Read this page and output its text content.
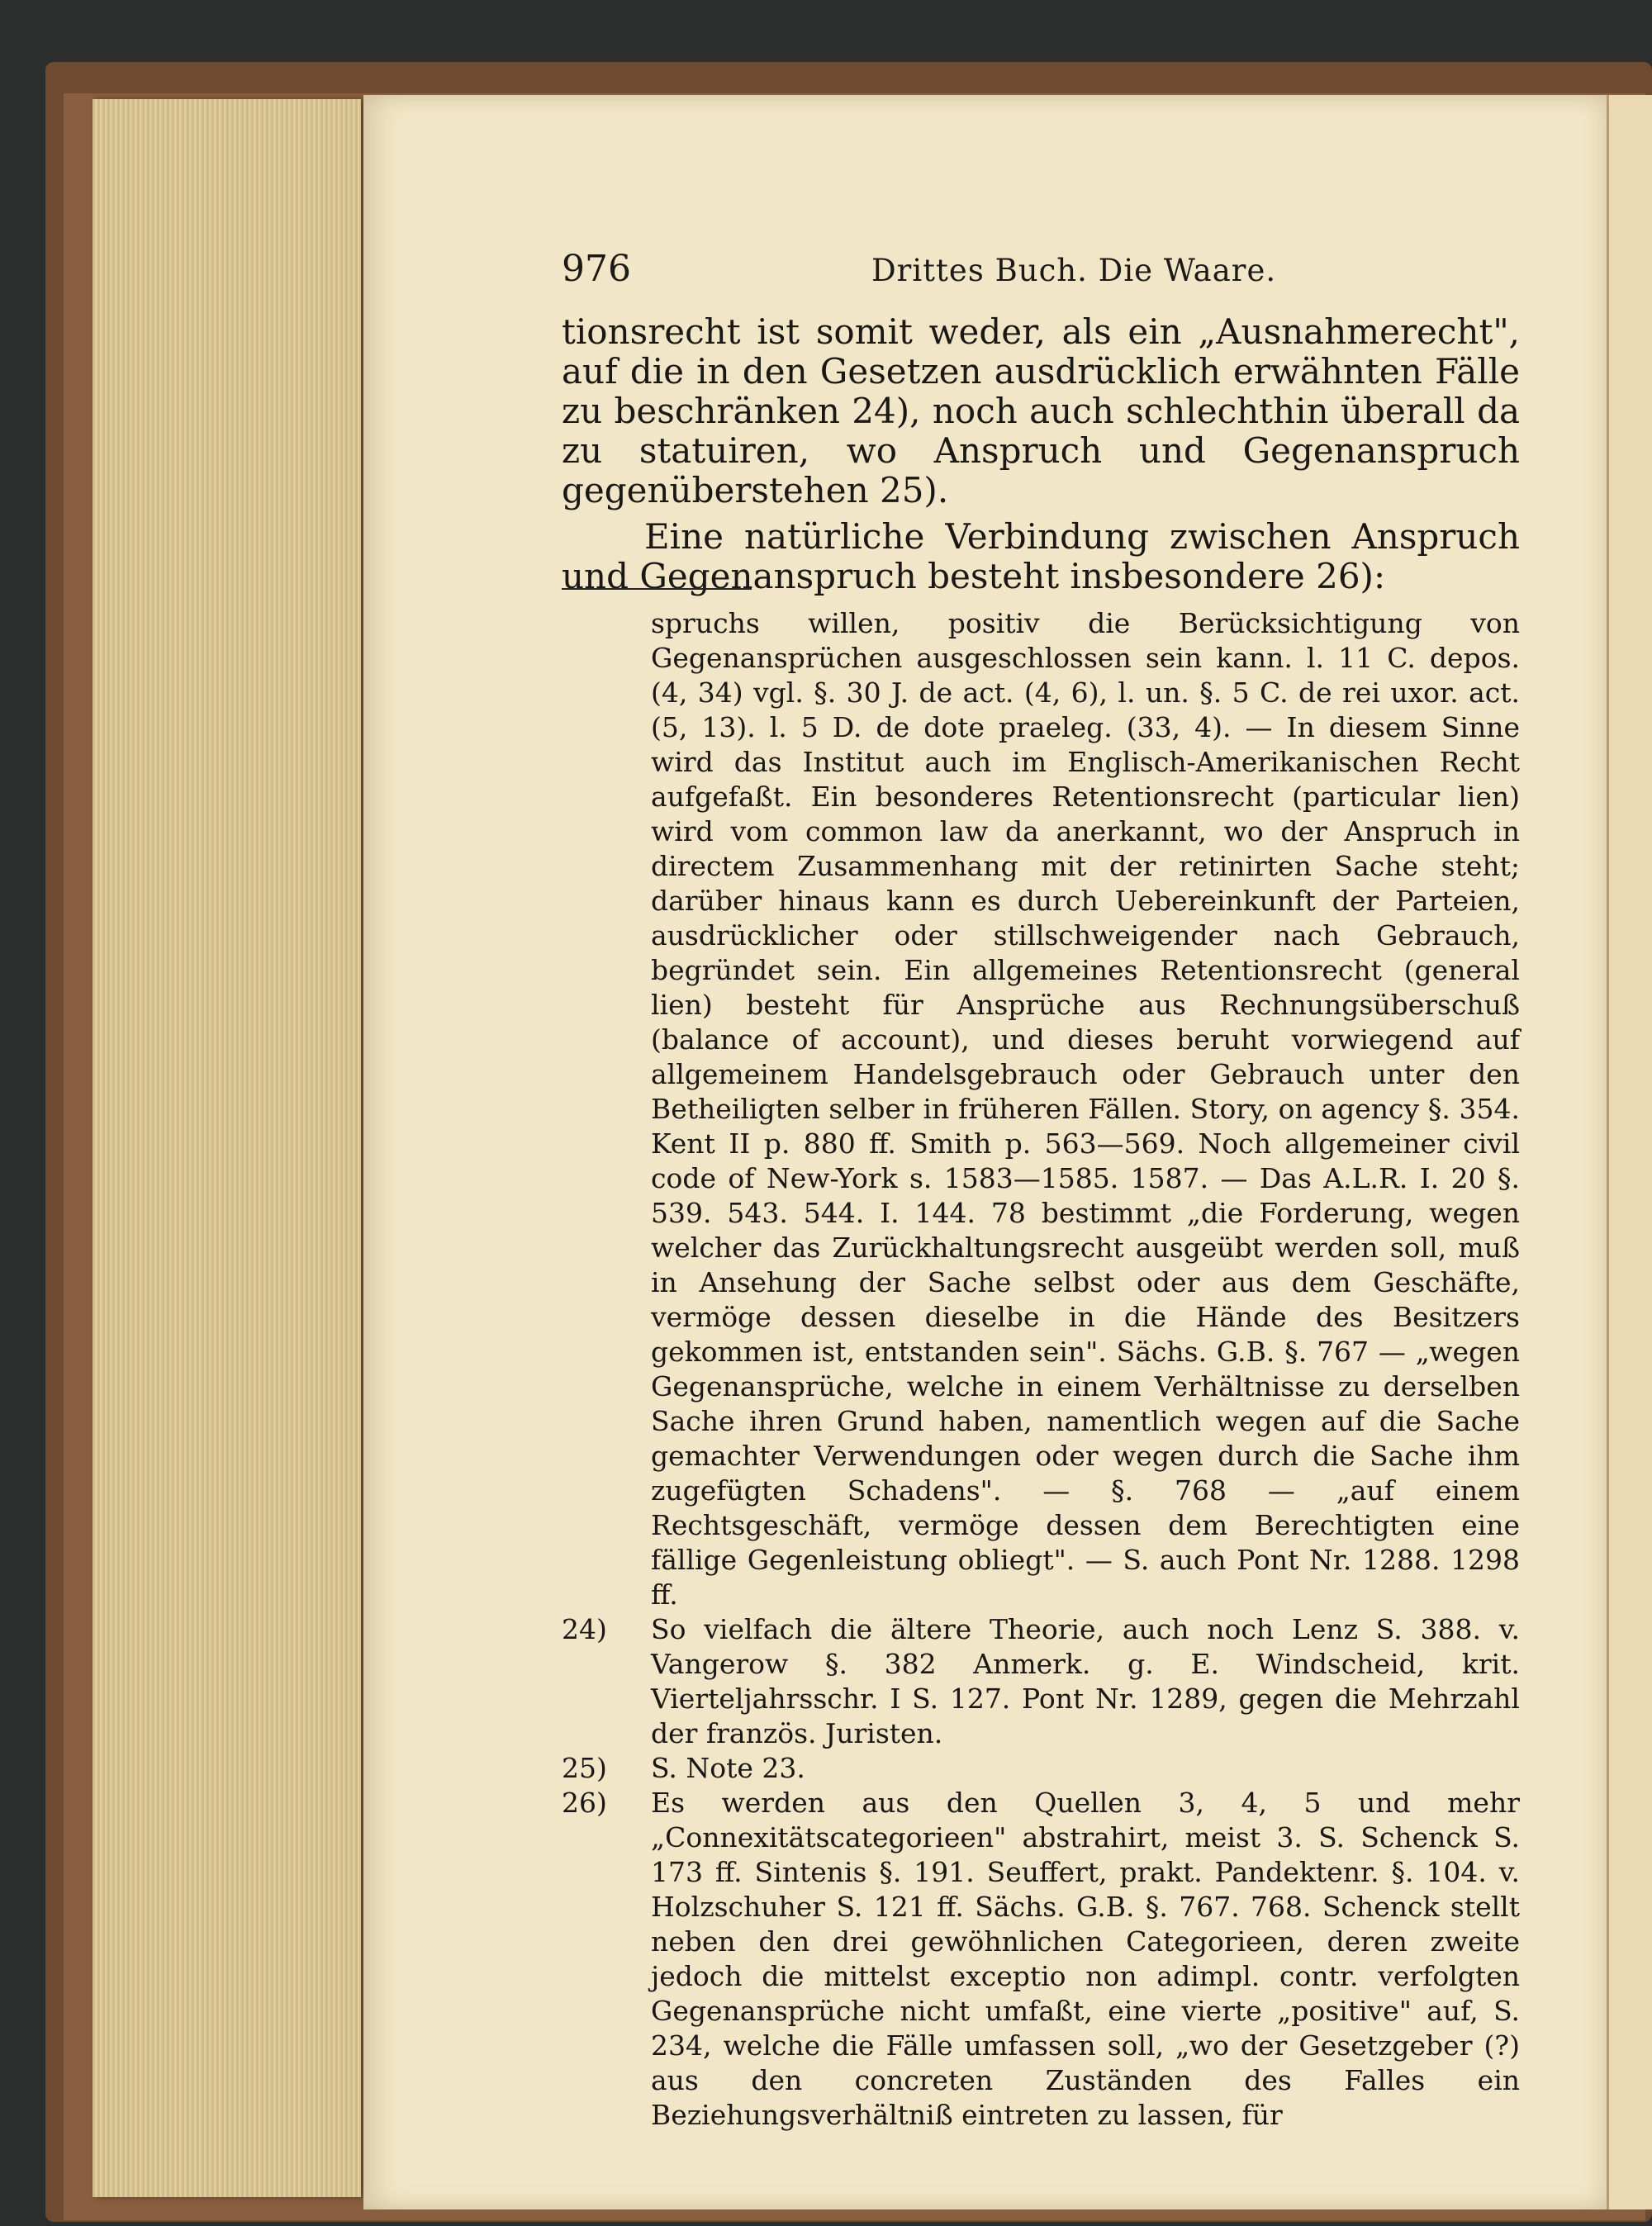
976	Drittes Buch. Die Waare.

tionsrecht ist somit weder, als ein „Ausnahmerecht", auf die in den Gesetzen ausdrücklich erwähnten Fälle zu beschränken 24), noch auch schlechthin überall da zu statuiren, wo Anspruch und Gegenanspruch gegenüberstehen 25).

Eine natürliche Verbindung zwischen Anspruch und Gegenanspruch besteht insbesondere 26):

spruchs willen, positiv die Berücksichtigung von Gegenansprüchen ausgeschlossen sein kann. l. 11 C. depos. (4, 34) vgl. §. 30 J. de act. (4, 6), l. un. §. 5 C. de rei uxor. act. (5, 13). l. 5 D. de dote praeleg. (33, 4). — In diesem Sinne wird das Institut auch im Englisch-Amerikanischen Recht aufgefaßt. Ein besonderes Retentionsrecht (particular lien) wird vom common law da anerkannt, wo der Anspruch in directem Zusammenhang mit der retinirten Sache steht; darüber hinaus kann es durch Uebereinkunft der Parteien, ausdrücklicher oder stillschweigender nach Gebrauch, begründet sein. Ein allgemeines Retentionsrecht (general lien) besteht für Ansprüche aus Rechnungsüberschuß (balance of account), und dieses beruht vorwiegend auf allgemeinem Handelsgebrauch oder Gebrauch unter den Betheiligten selber in früheren Fällen. Story, on agency §. 354. Kent II p. 880 ff. Smith p. 563—569. Noch allgemeiner civil code of New-York s. 1583—1585. 1587. — Das A.L.R. I. 20 §. 539. 543. 544. I. 144. 78 bestimmt „die Forderung, wegen welcher das Zurückhaltungsrecht ausgeübt werden soll, muß in Ansehung der Sache selbst oder aus dem Geschäfte, vermöge dessen dieselbe in die Hände des Besitzers gekommen ist, entstanden sein". Sächs. G.B. §. 767 — „wegen Gegenansprüche, welche in einem Verhältnisse zu derselben Sache ihren Grund haben, namentlich wegen auf die Sache gemachter Verwendungen oder wegen durch die Sache ihm zugefügten Schadens". — §. 768 — „auf einem Rechtsgeschäft, vermöge dessen dem Berechtigten eine fällige Gegenleistung obliegt". — S. auch Pont Nr. 1288. 1298 ff.
24)	So vielfach die ältere Theorie, auch noch Lenz S. 388. v. Vangerow §. 382 Anmerk. g. E. Windscheid, krit. Vierteljahrsschr. I S. 127. Pont Nr. 1289, gegen die Mehrzahl der französ. Juristen.
25)	S. Note 23.
26)	Es werden aus den Quellen 3, 4, 5 und mehr „Connexitätscategorieen" abstrahirt, meist 3. S. Schenck S. 173 ff. Sintenis §. 191. Seuffert, prakt. Pandektenr. §. 104. v. Holzschuher S. 121 ff. Sächs. G.B. §. 767. 768. Schenck stellt neben den drei gewöhnlichen Categorieen, deren zweite jedoch die mittelst exceptio non adimpl. contr. verfolgten Gegenansprüche nicht umfaßt, eine vierte „positive" auf, S. 234, welche die Fälle umfassen soll, „wo der Gesetzgeber (?) aus den concreten Zuständen des Falles ein Beziehungsverhältniß eintreten zu lassen, für
